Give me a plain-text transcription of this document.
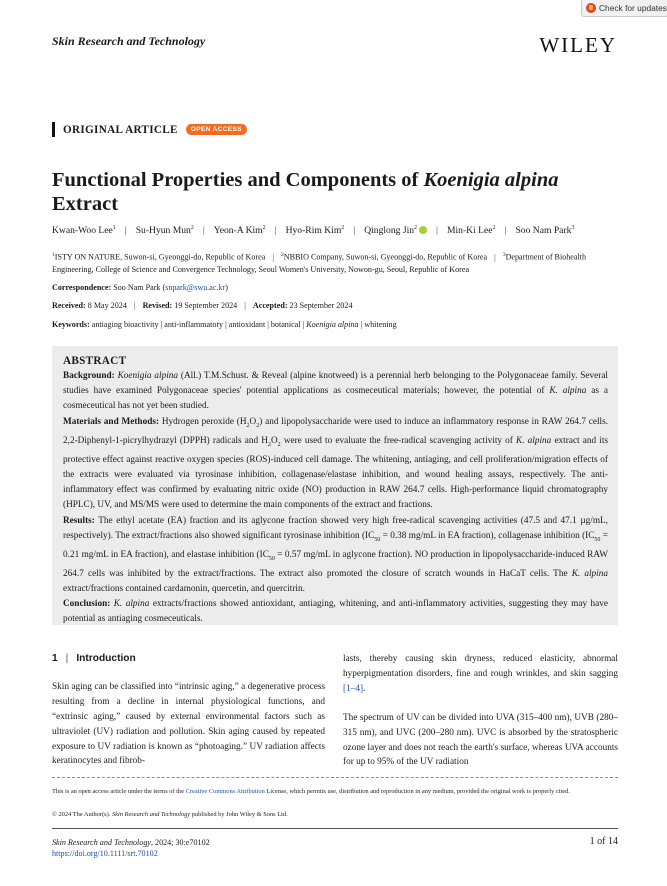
Check for updates
Skin Research and Technology	WILEY
ORIGINAL ARTICLE	OPEN ACCESS
Functional Properties and Components of Koenigia alpina Extract
Kwan-Woo Lee$^1$ | Su-Hyun Mun$^2$ | Yeon-A Kim$^2$ | Hyo-Rim Kim$^2$ | Qinglong Jin$^2$	| Min-Ki Lee$^2$ | Soo Nam Park$^3$
$^1$ISTY ON NATURE, Suwon-si, Gyeonggi-do, Republic of Korea | $^2$NBBIO Company, Suwon-si, Gyeonggi-do, Republic of Korea | $^3$Department of Biohealth Engineering, College of Science and Convergence Technology, Seoul Women's University, Nowon-gu, Seoul, Republic of Korea
Correspondence: Soo Nam Park (snpark@swu.ac.kr)
Received: 8 May 2024 | Revised: 19 September 2024 | Accepted: 23 September 2024
Keywords: antiaging bioactivity | anti-inflammatory | antioxidant | botanical | Koenigia alpina | whitening
ABSTRACT

Background: Koenigia alpina (All.) T.M.Schust. & Reveal (alpine knotweed) is a perennial herb belonging to the Polygonaceae family. Several studies have examined Polygonaceae species' potential applications as cosmeceutical materials; however, the potential of K. alpina as a cosmeceutical has not yet been studied.

Materials and Methods: Hydrogen peroxide $(H_2O_2)$ and lipopolysaccharide were used to induce an inflammatory response in RAW 264.7 cells. 2,2-Diphenyl-1-picrylhydrazyl (DPPH) radicals and $H_2O_2$ were used to evaluate the free-radical scavenging activity of K. alpina extract and its protective effect against reactive oxygen species (ROS)-induced cell damage. The whitening, antiaging, and cell proliferation/migration effects of the extracts were evaluated via tyrosinase inhibition, collagenase/elastase inhibition, and wound healing assays, respectively. The anti-inflammatory effect was confirmed by evaluating nitric oxide (NO) production in RAW 264.7 cells. High-performance liquid chromatography (HPLC), UV, and MS/MS were used to determine the main components of the extract and fractions.

Results: The ethyl acetate (EA) fraction and its aglycone fraction showed very high free-radical scavenging activities (47.5 and 47.1 µg/mL, respectively). The extract/fractions also showed significant tyrosinase inhibition ($IC_{50} = 0.38$ mg/mL in EA fraction), collagenase inhibition ($IC_{50} = 0.21$ mg/mL in EA fraction), and elastase inhibition ($IC_{50} = 0.57$ mg/mL in aglycone fraction). NO production in lipopolysaccharide-induced RAW 264.7 cells was inhibited by the extract/fractions. The extract also promoted the closure of scratch wounds in HaCaT cells. The K. alpina extract/fractions contained cardamonin, quercetin, and quercitrin.

Conclusion: K. alpina extracts/fractions showed antioxidant, antiaging, whitening, and anti-inflammatory activities, suggesting they may have potential as antiaging cosmeceuticals.

1 | Introduction

Skin aging can be classified into “intrinsic aging,” a degenerative process resulting from a decline in internal physiological functions, and “extrinsic aging,” caused by external environmental factors such as ultraviolet (UV) radiation and pollution. Skin aging caused by repeated exposure to UV radiation is known as “photoaging.” UV radiation affects keratinocytes and fibrob-

lasts, thereby causing skin dryness, reduced elasticity, abnormal hyperpigmentation disorders, fine and rough wrinkles, and skin sagging [1–4].

The spectrum of UV can be divided into UVA (315–400 nm), UVB (280–315 nm), and UVC (200–280 nm). UVC is absorbed by the stratospheric ozone layer and does not reach the earth's surface, whereas UVA accounts for up to 95% of the UV radiation

This is an open access article under the terms of the Creative Commons Attribution License, which permits use, distribution and reproduction in any medium, provided the original work is properly cited.
© 2024 The Author(s). Skin Research and Technology published by John Wiley & Sons Ltd.
Skin Research and Technology, 2024; 30:e70102
https://doi.org/10.1111/srt.70102
1 of 14
